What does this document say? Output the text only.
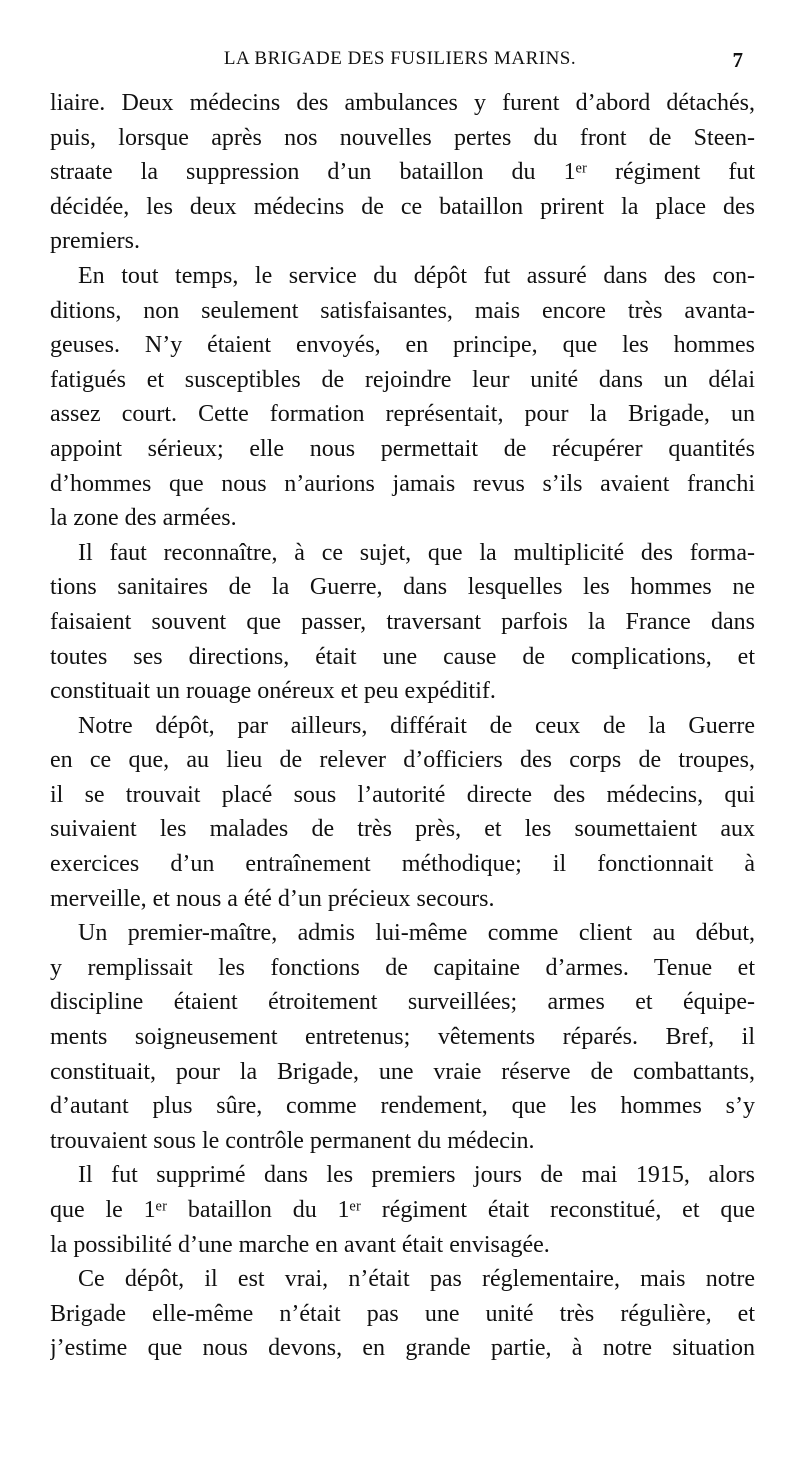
LA BRIGADE DES FUSILIERS MARINS.	7
liaire. Deux médecins des ambulances y furent d’abord détachés,
puis, lorsque après nos nouvelles pertes du front de Steen-
straate la suppression d’un bataillon du 1ᵉʳ régiment fut
décidée, les deux médecins de ce bataillon prirent la place des
premiers.
En tout temps, le service du dépôt fut assuré dans des con-
ditions, non seulement satisfaisantes, mais encore très avanta-
geuses. N’y étaient envoyés, en principe, que les hommes
fatigués et susceptibles de rejoindre leur unité dans un délai
assez court. Cette formation représentait, pour la Brigade, un
appoint sérieux; elle nous permettait de récupérer quantités
d’hommes que nous n’aurions jamais revus s’ils avaient franchi
la zone des armées.
Il faut reconnaître, à ce sujet, que la multiplicité des forma-
tions sanitaires de la Guerre, dans lesquelles les hommes ne
faisaient souvent que passer, traversant parfois la France dans
toutes ses directions, était une cause de complications, et
constituait un rouage onéreux et peu expéditif.
Notre dépôt, par ailleurs, différait de ceux de la Guerre
en ce que, au lieu de relever d’officiers des corps de troupes,
il se trouvait placé sous l’autorité directe des médecins, qui
suivaient les malades de très près, et les soumettaient aux
exercices d’un entraînement méthodique; il fonctionnait à
merveille, et nous a été d’un précieux secours.
Un premier-maître, admis lui-même comme client au début,
y remplissait les fonctions de capitaine d’armes. Tenue et
discipline étaient étroitement surveillées; armes et équipe-
ments soigneusement entretenus; vêtements réparés. Bref, il
constituait, pour la Brigade, une vraie réserve de combattants,
d’autant plus sûre, comme rendement, que les hommes s’y
trouvaient sous le contrôle permanent du médecin.
Il fut supprimé dans les premiers jours de mai 1915, alors
que le 1ᵉʳ bataillon du 1ᵉʳ régiment était reconstitué, et que
la possibilité d’une marche en avant était envisagée.
Ce dépôt, il est vrai, n’était pas réglementaire, mais notre
Brigade elle-même n’était pas une unité très régulière, et
j’estime que nous devons, en grande partie, à notre situation
